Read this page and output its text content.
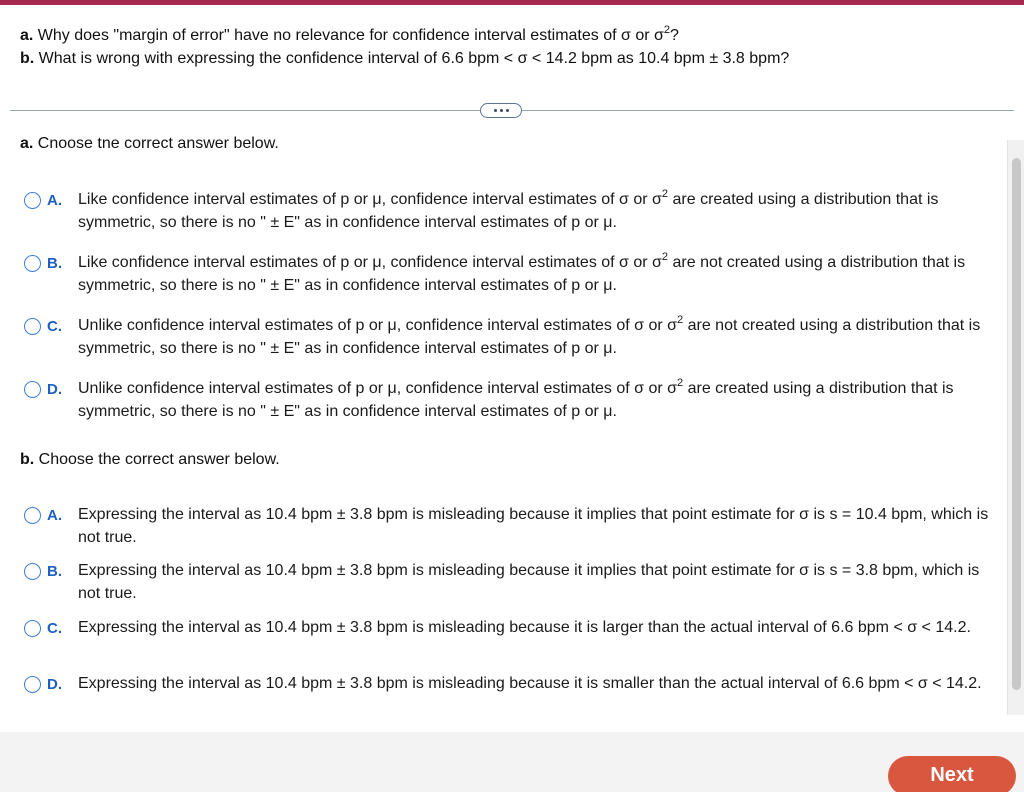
a. Why does "margin of error" have no relevance for confidence interval estimates of σ or $\sigma^2$?
b. What is wrong with expressing the confidence interval of 6.6 bpm < σ < 14.2 bpm as 10.4 bpm ± 3.8 bpm?
a. Cnoose tne correct answer below.
A.	Like confidence interval estimates of p or μ, confidence interval estimates of σ or $\sigma^2$ are created using a distribution that is symmetric, so there is no " ± E" as in confidence interval estimates of p or μ.
B.	Like confidence interval estimates of p or μ, confidence interval estimates of σ or $\sigma^2$ are not created using a distribution that is symmetric, so there is no " ± E" as in confidence interval estimates of p or μ.
C.	Unlike confidence interval estimates of p or μ, confidence interval estimates of σ or $\sigma^2$ are not created using a distribution that is symmetric, so there is no " ± E" as in confidence interval estimates of p or μ.
D.	Unlike confidence interval estimates of p or μ, confidence interval estimates of σ or $\sigma^2$ are created using a distribution that is symmetric, so there is no " ± E" as in confidence interval estimates of p or μ.
b. Choose the correct answer below.
A.	Expressing the interval as 10.4 bpm ± 3.8 bpm is misleading because it implies that point estimate for σ is s = 10.4 bpm, which is not true.
B.	Expressing the interval as 10.4 bpm ± 3.8 bpm is misleading because it implies that point estimate for σ is s = 3.8 bpm, which is not true.
C.	Expressing the interval as 10.4 bpm ± 3.8 bpm is misleading because it is larger than the actual interval of 6.6 bpm < σ < 14.2.
D.	Expressing the interval as 10.4 bpm ± 3.8 bpm is misleading because it is smaller than the actual interval of 6.6 bpm < σ < 14.2.
Next
